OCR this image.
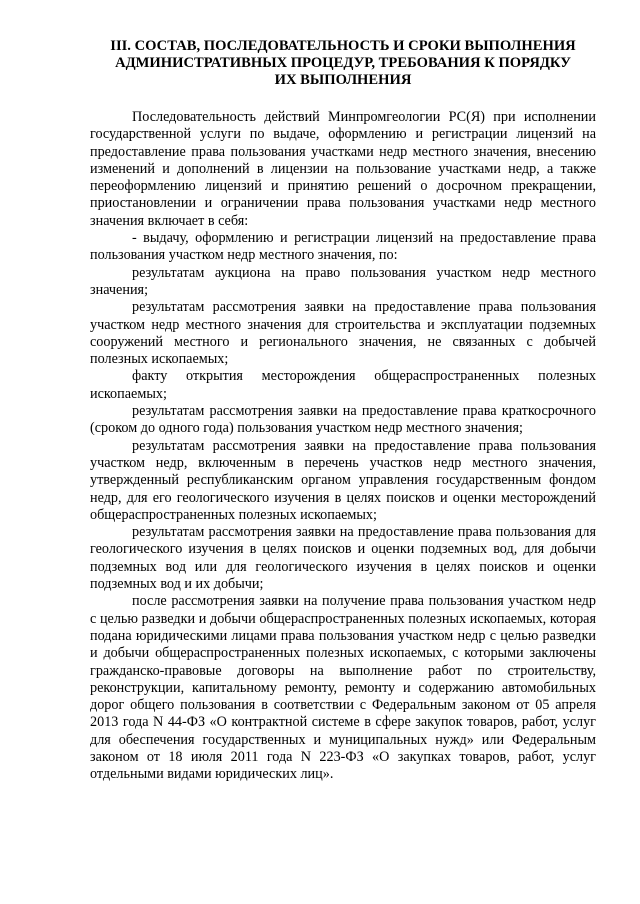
III. СОСТАВ, ПОСЛЕДОВАТЕЛЬНОСТЬ И СРОКИ ВЫПОЛНЕНИЯ
АДМИНИСТРАТИВНЫХ ПРОЦЕДУР, ТРЕБОВАНИЯ К ПОРЯДКУ
ИХ ВЫПОЛНЕНИЯ

Последовательность действий Минпромгеологии РС(Я) при исполнении государственной услуги по выдаче, оформлению и регистрации лицензий на предоставление права пользования участками недр местного значения, внесению изменений и дополнений в лицензии на пользование участками недр, а также переоформлению лицензий и принятию решений о досрочном прекращении, приостановлении и ограничении права пользования участками недр местного значения включает в себя:

- выдачу, оформлению и регистрации лицензий на предоставление права пользования участком недр местного значения, по:

результатам аукциона на право пользования участком недр местного значения;

результатам рассмотрения заявки на предоставление права пользования участком недр местного значения для строительства и эксплуатации подземных сооружений местного и регионального значения, не связанных с добычей полезных ископаемых;

факту открытия месторождения общераспространенных полезных ископаемых;

результатам рассмотрения заявки на предоставление права краткосрочного (сроком до одного года) пользования участком недр местного значения;

результатам рассмотрения заявки на предоставление права пользования участком недр, включенным в перечень участков недр местного значения, утвержденный республиканским органом управления государственным фондом недр, для его геологического изучения в целях поисков и оценки месторождений общераспространенных полезных ископаемых;

результатам рассмотрения заявки на предоставление права пользования для геологического изучения в целях поисков и оценки подземных вод, для добычи подземных вод или для геологического изучения в целях поисков и оценки подземных вод и их добычи;

после рассмотрения заявки на получение права пользования участком недр с целью разведки и добычи общераспространенных полезных ископаемых, которая подана юридическими лицами права пользования участком недр с целью разведки и добычи общераспространенных полезных ископаемых, с которыми заключены гражданско-правовые договоры на выполнение работ по строительству, реконструкции, капитальному ремонту, ремонту и содержанию автомобильных дорог общего пользования в соответствии с Федеральным законом от 05 апреля 2013 года N 44-ФЗ «О контрактной системе в сфере закупок товаров, работ, услуг для обеспечения государственных и муниципальных нужд» или Федеральным законом от 18 июля 2011 года N 223-ФЗ «О закупках товаров, работ, услуг отдельными видами юридических лиц».
